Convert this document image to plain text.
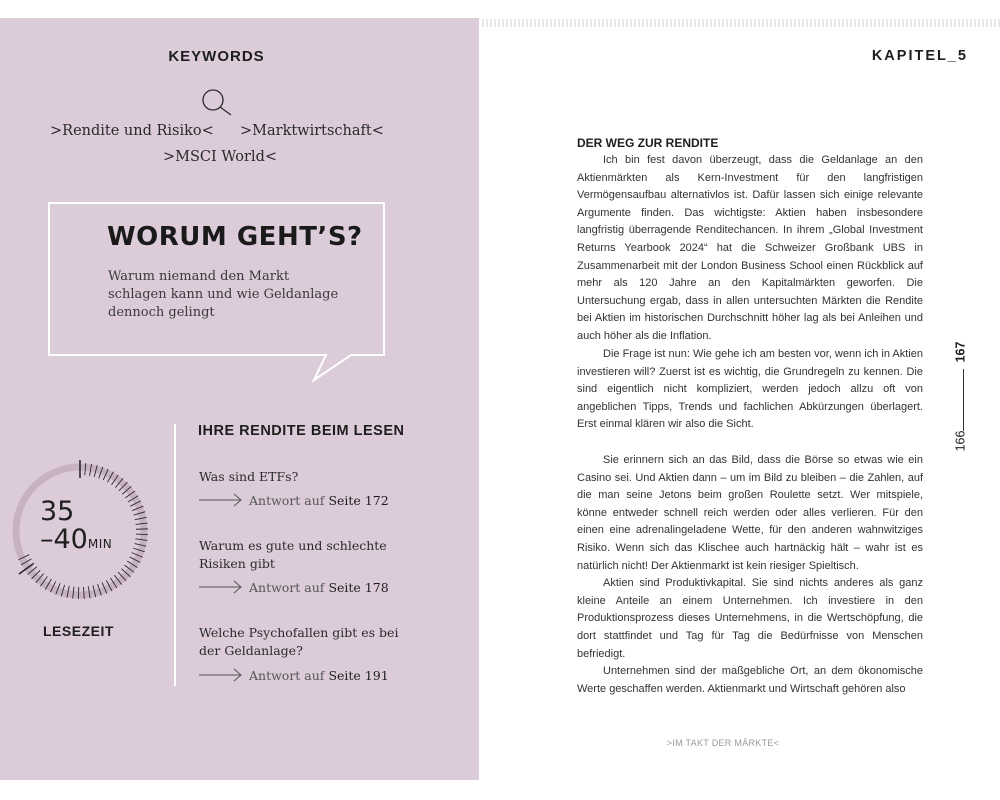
KEYWORDS
>Rendite und Risiko< >Marktwirtschaft<
>MSCI World<
WORUM GEHT’S?
Warum niemand den Markt schlagen kann und wie Geldanlage dennoch gelingt
35
–40MIN
LESEZEIT
IHRE RENDITE BEIM LESEN
Was sind ETFs?
Antwort auf Seite 172
Warum es gute und schlechte Risiken gibt
Antwort auf Seite 178
Welche Psychofallen gibt es bei der Geldanlage?
Antwort auf Seite 191
KAPITEL_5
DER WEG ZUR RENDITE

Ich bin fest davon überzeugt, dass die Geldanlage an den Aktienmärkten als Kern-Investment für den langfristigen Vermögensaufbau alternativlos ist. Dafür lassen sich einige relevante Argumente finden. Das wichtigste: Aktien haben insbesondere langfristig überragende Renditechancen. In ihrem „Global Investment Returns Yearbook 2024“ hat die Schweizer Großbank UBS in Zusammenarbeit mit der London Business School einen Rückblick auf mehr als 120 Jahre an den Kapitalmärkten geworfen. Die Untersuchung ergab, dass in allen untersuchten Märkten die Rendite bei Aktien im historischen Durchschnitt höher lag als bei Anleihen und auch höher als die Inflation.

Die Frage ist nun: Wie gehe ich am besten vor, wenn ich in Aktien investieren will? Zuerst ist es wichtig, die Grundregeln zu kennen. Die sind eigentlich nicht kompliziert, werden jedoch allzu oft von angeblichen Tipps, Trends und fachlichen Abkürzungen überlagert. Erst einmal klären wir also die Sicht.

Sie erinnern sich an das Bild, dass die Börse so etwas wie ein Casino sei. Und Aktien dann – um im Bild zu bleiben – die Zahlen, auf die man seine Jetons beim großen Roulette setzt. Wer mitspiele, könne entweder schnell reich werden oder alles verlieren. Für den einen eine adrenalingeladene Wette, für den anderen wahnwitziges Risiko. Wenn sich das Klischee auch hartnäckig hält – wahr ist es natürlich nicht! Der Aktienmarkt ist kein riesiger Spieltisch.

Aktien sind Produktivkapital. Sie sind nichts anderes als ganz kleine Anteile an einem Unternehmen. Ich investiere in den Produktionsprozess dieses Unternehmens, in die Wertschöpfung, die dort stattfindet und Tag für Tag die Bedürfnisse von Menschen befriedigt.

Unternehmen sind der maßgebliche Ort, an dem ökonomische Werte geschaffen werden. Aktienmarkt und Wirtschaft gehören also

167
166
>IM TAKT DER MÄRKTE<
